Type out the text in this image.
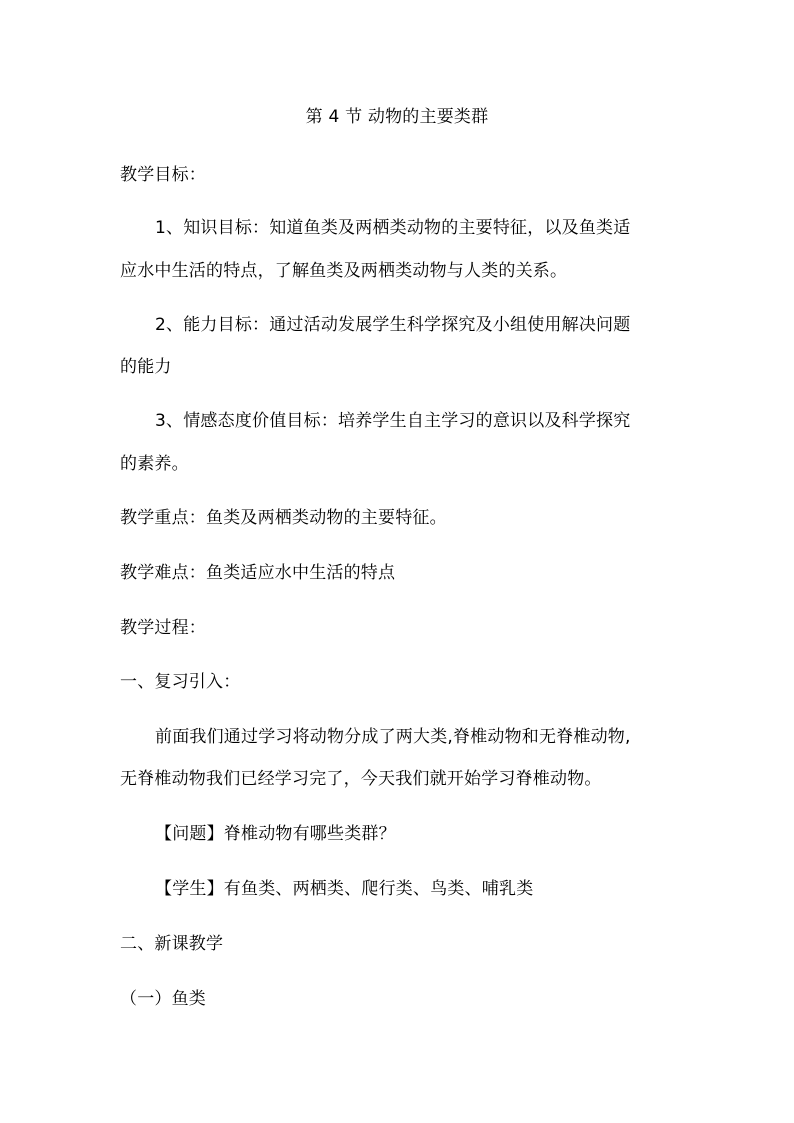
第 4 节 动物的主要类群
教学目标：
1、知识目标：知道鱼类及两栖类动物的主要特征，以及鱼类适
应水中生活的特点，了解鱼类及两栖类动物与人类的关系。
2、能力目标：通过活动发展学生科学探究及小组使用解决问题
的能力
3、情感态度价值目标：培养学生自主学习的意识以及科学探究
的素养。
教学重点：鱼类及两栖类动物的主要特征。
教学难点：鱼类适应水中生活的特点
教学过程：
一、复习引入：
前面我们通过学习将动物分成了两大类,脊椎动物和无脊椎动物,
无脊椎动物我们已经学习完了，今天我们就开始学习脊椎动物。
【问题】脊椎动物有哪些类群？
【学生】有鱼类、两栖类、爬行类、鸟类、哺乳类
二、新课教学
（一）鱼类
